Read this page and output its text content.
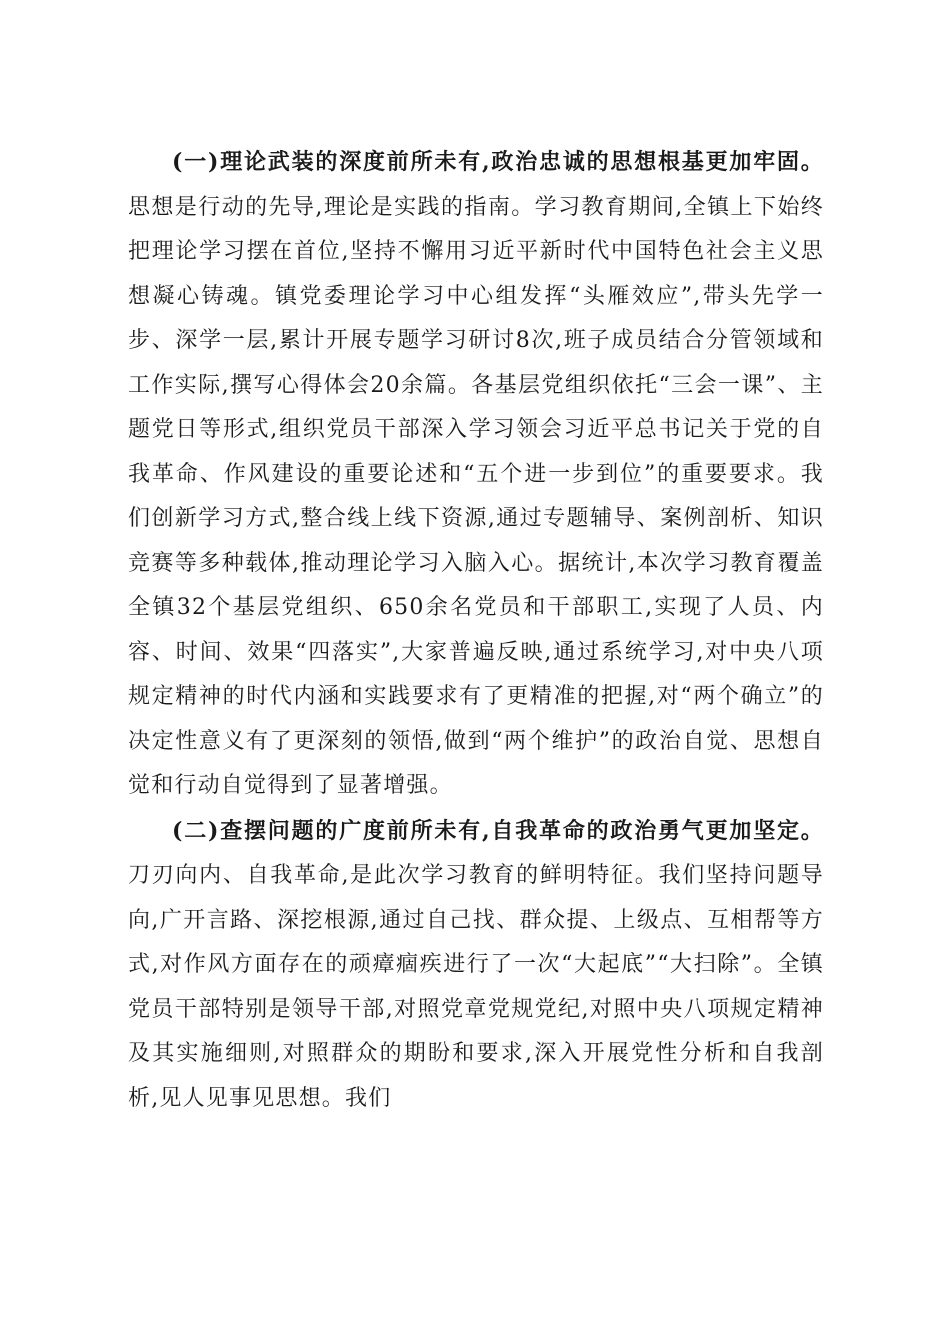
(一)理论武装的深度前所未有,政治忠诚的思想根基更加牢固。思想是行动的先导,理论是实践的指南。学习教育期间,全镇上下始终把理论学习摆在首位,坚持不懈用习近平新时代中国特色社会主义思想凝心铸魂。镇党委理论学习中心组发挥“头雁效应”,带头先学一步、深学一层,累计开展专题学习研讨8次,班子成员结合分管领域和工作实际,撰写心得体会20余篇。各基层党组织依托“三会一课”、主题党日等形式,组织党员干部深入学习领会习近平总书记关于党的自我革命、作风建设的重要论述和“五个进一步到位”的重要要求。我们创新学习方式,整合线上线下资源,通过专题辅导、案例剖析、知识竞赛等多种载体,推动理论学习入脑入心。据统计,本次学习教育覆盖全镇32个基层党组织、650余名党员和干部职工,实现了人员、内容、时间、效果“四落实”,大家普遍反映,通过系统学习,对中央八项规定精神的时代内涵和实践要求有了更精准的把握,对“两个确立”的决定性意义有了更深刻的领悟,做到“两个维护”的政治自觉、思想自觉和行动自觉得到了显著增强。

(二)查摆问题的广度前所未有,自我革命的政治勇气更加坚定。刀刃向内、自我革命,是此次学习教育的鲜明特征。我们坚持问题导向,广开言路、深挖根源,通过自己找、群众提、上级点、互相帮等方式,对作风方面存在的顽瘴痼疾进行了一次“大起底”“大扫除”。全镇党员干部特别是领导干部,对照党章党规党纪,对照中央八项规定精神及其实施细则,对照群众的期盼和要求,深入开展党性分析和自我剖析,见人见事见思想。我们
